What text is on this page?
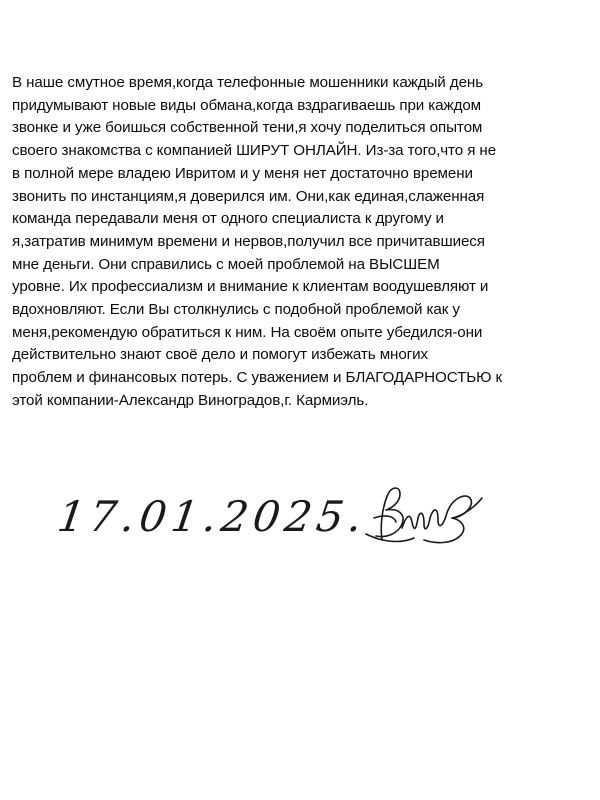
В наше смутное время,когда телефонные мошенники каждый день
придумывают новые виды обмана,когда вздрагиваешь при каждом
звонке и уже боишься собственной тени,я хочу поделиться опытом
своего знакомства с компанией ШИРУТ ОНЛАЙН. Из-за того,что я не
в полной мере владею Ивритом и у меня нет достаточно времени
звонить по инстанциям,я доверился им. Они,как единая,слаженная
команда передавали меня от одного специалиста к другому и
я,затратив минимум времени и нервов,получил все причитавшиеся
мне деньги. Они справились с моей проблемой на ВЫСШЕМ
уровне. Их профессиализм и внимание к клиентам воодушевляют и
вдохновляют. Если Вы столкнулись с подобной проблемой как у
меня,рекомендую обратиться к ним. На своём опыте убедился-они
действительно знают своё дело и помогут избежать многих
проблем и финансовых потерь. С уважением и БЛАГОДАРНОСТЬЮ к
этой компании-Александр Виноградов,г. Кармиэль.
17.01.2025.
